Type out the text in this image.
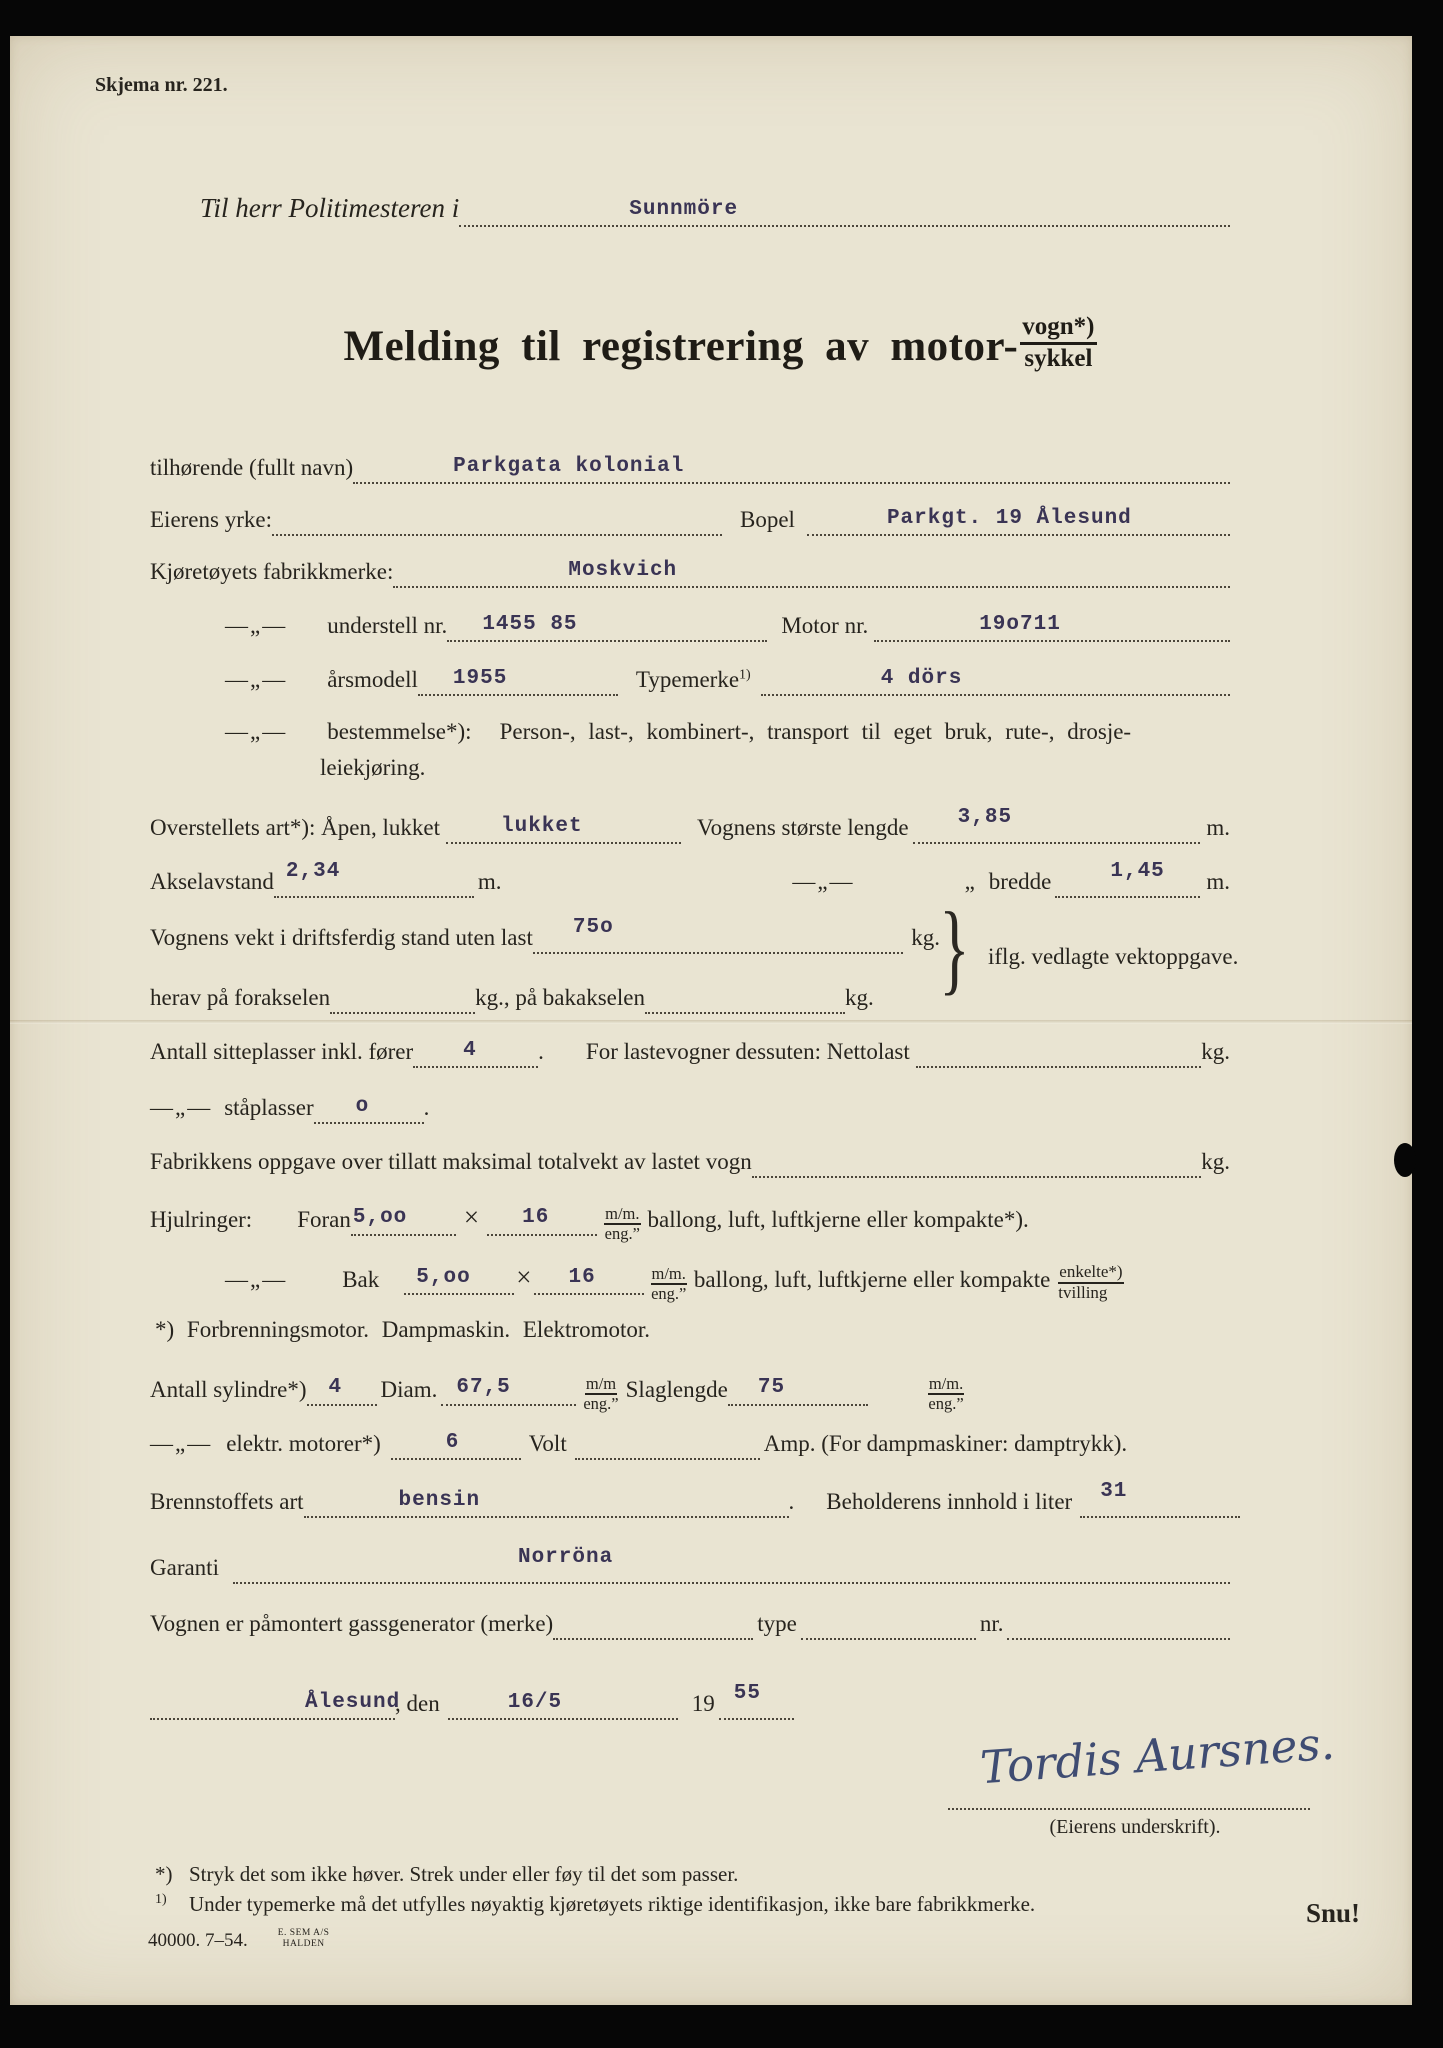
Skjema nr. 221.
Til herr Politimesteren i	Sunnmöre
Melding til registrering av motor- vogn*)
sykkel
tilhørende (fullt navn)	Parkgata kolonial
Eierens yrke:	Bopel	Parkgt. 19 Ålesund
Kjøretøyets fabrikkmerke:	Moskvich
—„— understell nr. 1455 85	Motor nr.	19o711
—„— årsmodell 1955	Typemerke$^{1)}$	4 dörs
—„— bestemmelse*): Person-, last-, kombinert-, transport til eget bruk, rute-, drosje-
leiekjøring.
Overstellets art*): Åpen, lukket	lukket	Vognens største lengde 3,85	m.
Akselavstand 2,34	m.	—„—	„ bredde	1,45 m.
Vognens vekt i driftsferdig stand uten last 75o	kg. } iflg. vedlagte vektoppgave.
herav på forakselen	kg., på bakakselen	kg.
Antall sitteplasser inkl. fører 4	. For lastevogner dessuten: Nettolast	kg.
—„— ståplasser o .
Fabrikkens oppgave over tillatt maksimal totalvekt av lastet vogn	kg.
Hjulringer: Foran 5,oo × 16	$\frac{m/m.}{\text{eng.”}}$ ballong, luft, luftkjerne eller kompakte*).
—„— Bak 5,oo × 16	$\frac{m/m.}{\text{eng.”}}$ ballong, luft, luftkjerne eller kompakte enkelte*)
tvilling
*) Forbrenningsmotor. Dampmaskin. Elektromotor.
Antall sylindre*) 4 Diam. 67,5	$\frac{m/m}{\text{eng.”}}$ Slaglengde 75	$\frac{m/m.}{\text{eng.”}}$
—„— elektr. motorer*)	6	Volt	Amp. (For dampmaskiner: damptrykk).
Brennstoffets art	bensin	. Beholderens innhold i liter 31
Garanti	Norröna
Vognen er påmontert gassgenerator (merke)	type	nr.
Ålesund
, den	16/5	19 55
Tordis Aursnes.
(Eierens underskrift).
*) Stryk det som ikke høver. Strek under eller føy til det som passer.
$^{1)}$	Under typemerke må det utfylles nøyaktig kjøretøyets riktige identifikasjon, ikke bare fabrikkmerke.
40000. 7–54.	E. SEM A/S
HALDEN
Snu!
